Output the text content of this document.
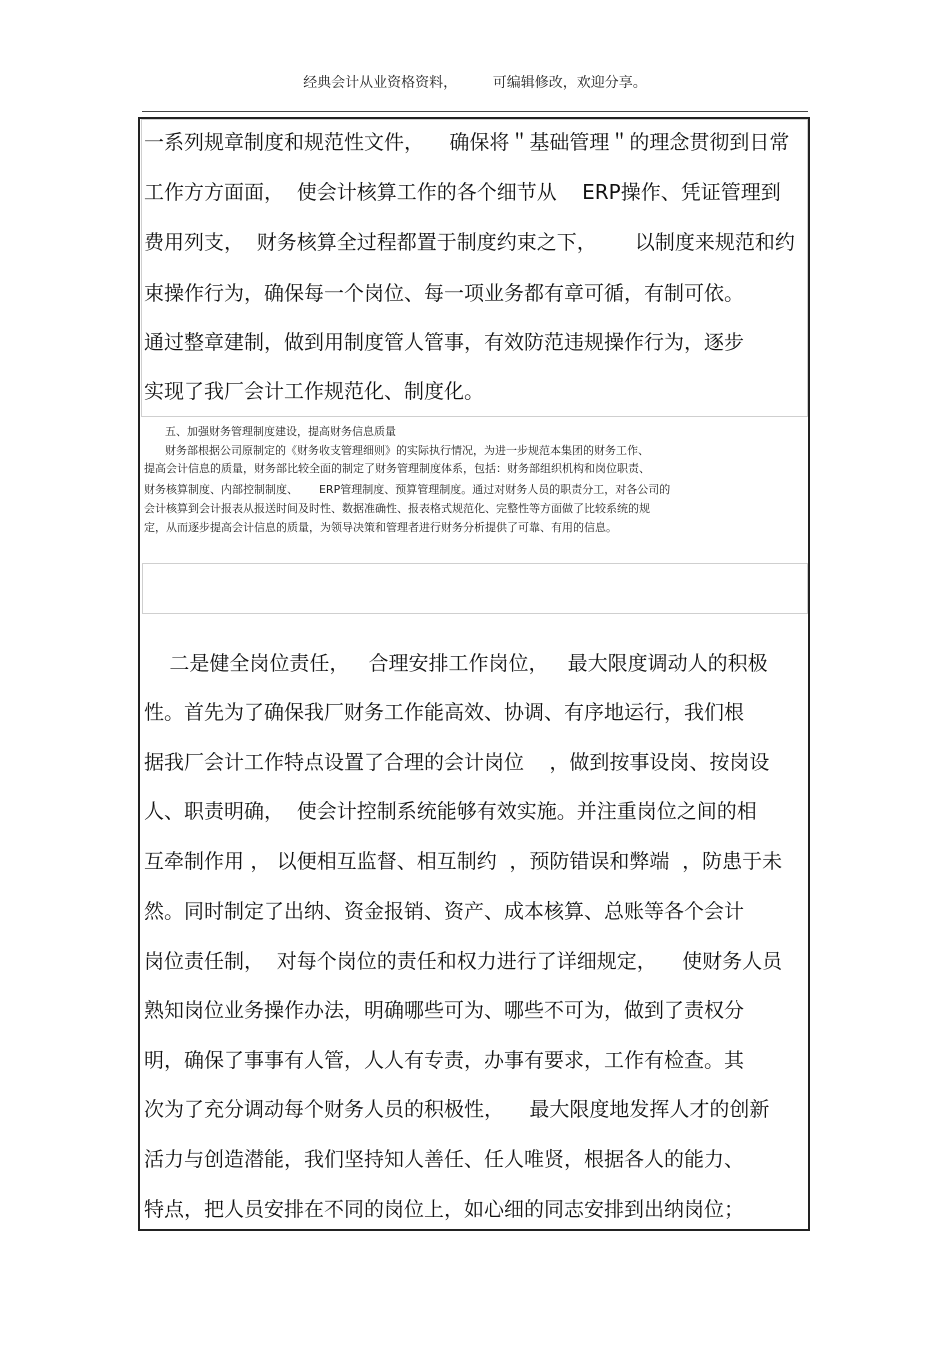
经典会计从业资格资料，        可编辑修改，欢迎分享。
一系列规章制度和规范性文件，    确保将＂基础管理＂的理念贯彻到日常
工作方方面面，  使会计核算工作的各个细节从    ERP操作、凭证管理到
费用列支，  财务核算全过程都置于制度约束之下，      以制度来规范和约
束操作行为，确保每一个岗位、每一项业务都有章可循，有制可依。
通过整章建制，做到用制度管人管事，有效防范违规操作行为，逐步
实现了我厂会计工作规范化、制度化。
五、加强财务管理制度建设，提高财务信息质量
财务部根据公司原制定的《财务收支管理细则》的实际执行情况，为进一步规范本集团的财务工作、
提高会计信息的质量，财务部比较全面的制定了财务管理制度体系，包括：财务部组织机构和岗位职责、
财务核算制度、内部控制制度、      ERP管理制度、预算管理制度。通过对财务人员的职责分工，对各公司的
会计核算到会计报表从报送时间及时性、数据准确性、报表格式规范化、完整性等方面做了比较系统的规
定，从而逐步提高会计信息的质量，为领导决策和管理者进行财务分析提供了可靠、有用的信息。
二是健全岗位责任，   合理安排工作岗位，   最大限度调动人的积极
性。首先为了确保我厂财务工作能高效、协调、有序地运行，我们根
据我厂会计工作特点设置了合理的会计岗位    ，做到按事设岗、按岗设
人、职责明确，  使会计控制系统能够有效实施。并注重岗位之间的相
互牵制作用 ， 以便相互监督、相互制约  ，预防错误和弊端  ，防患于未
然。同时制定了出纳、资金报销、资产、成本核算、总账等各个会计
岗位责任制，  对每个岗位的责任和权力进行了详细规定，    使财务人员
熟知岗位业务操作办法，明确哪些可为、哪些不可为，做到了责权分
明，确保了事事有人管，人人有专责，办事有要求，工作有检查。其
次为了充分调动每个财务人员的积极性，    最大限度地发挥人才的创新
活力与创造潜能，我们坚持知人善任、任人唯贤，根据各人的能力、
特点，把人员安排在不同的岗位上，如心细的同志安排到出纳岗位；
